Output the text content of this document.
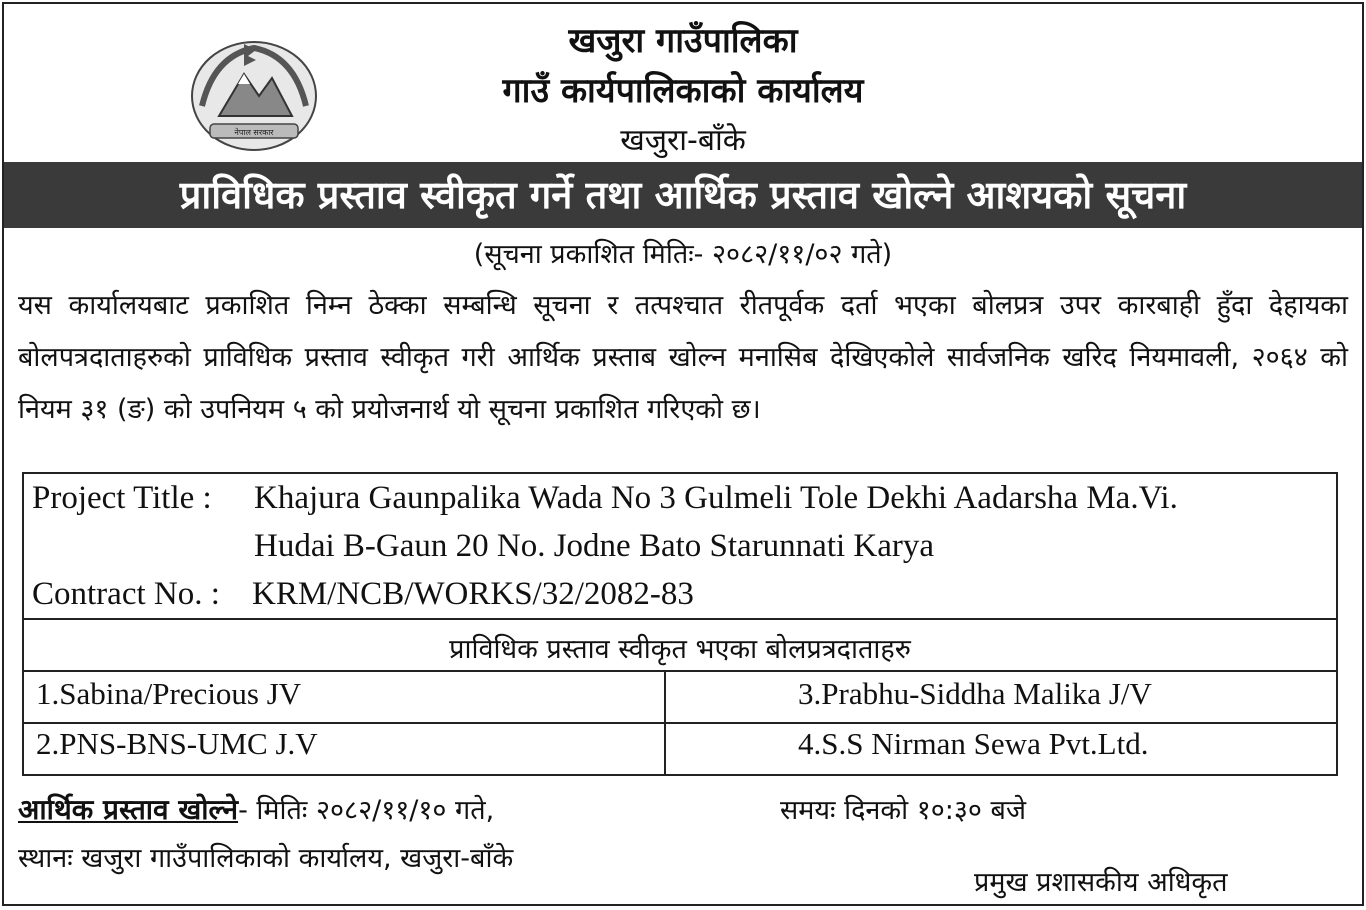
नेपाल सरकार
खजुरा गाउँपालिका
गाउँ कार्यपालिकाको कार्यालय
खजुरा-बाँके
प्राविधिक प्रस्ताव स्वीकृत गर्ने तथा आर्थिक प्रस्ताव खोल्ने आशयको सूचना
(सूचना प्रकाशित मितिः- २०८२/११/०२ गते)
यस कार्यालयबाट प्रकाशित निम्न ठेक्का सम्बन्धि सूचना र तत्पश्चात रीतपूर्वक दर्ता भएका बोलप्रत्र उपर कारबाही हुँदा देहायका बोलपत्रदाताहरुको प्राविधिक प्रस्ताव स्वीकृत गरी आर्थिक प्रस्ताब खोल्न मनासिब देखिएकोले सार्वजनिक खरिद नियमावली, २०६४ को नियम ३१ (ङ) को उपनियम ५ को प्रयोजनार्थ यो सूचना प्रकाशित गरिएको छ।
Project Title : Khajura Gaunpalika Wada No 3 Gulmeli Tole Dekhi Aadarsha Ma.Vi.
Hudai B-Gaun 20 No. Jodne Bato Starunnati Karya
Contract No. : KRM/NCB/WORKS/32/2082-83
प्राविधिक प्रस्ताव स्वीकृत भएका बोलप्रत्रदाताहरु
1.Sabina/Precious JV
2.PNS-BNS-UMC J.V
3.Prabhu-Siddha Malika J/V
4.S.S Nirman Sewa Pvt.Ltd.
आर्थिक प्रस्ताव खोल्ने- मितिः २०८२/११/१० गते,	समयः दिनको १०:३० बजे
स्थानः खजुरा गाउँपालिकाको कार्यालय, खजुरा-बाँके
प्रमुख प्रशासकीय अधिकृत
